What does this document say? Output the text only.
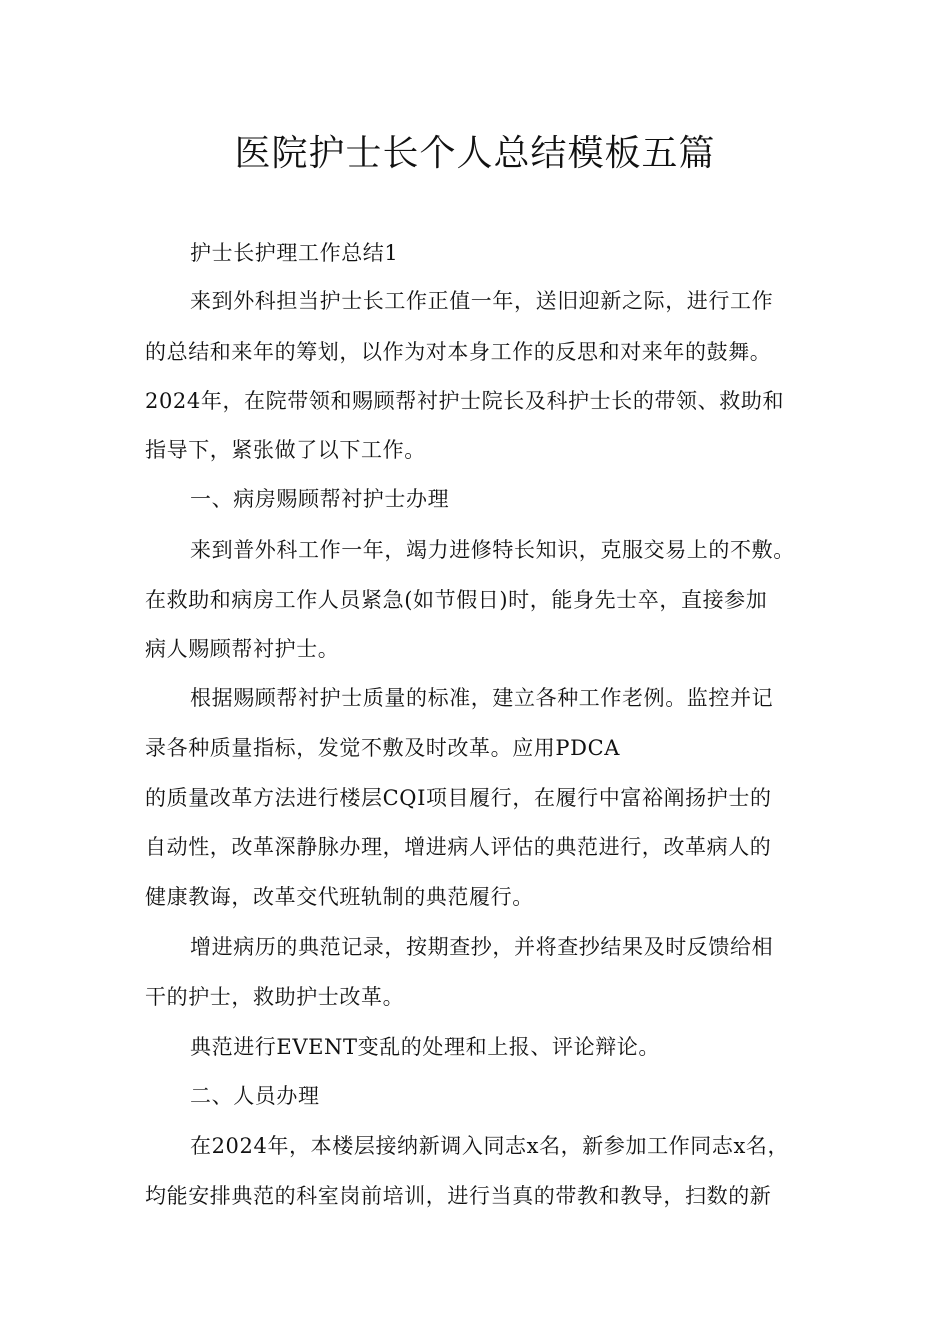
医院护士长个人总结模板五篇
护士长护理工作总结1
来到外科担当护士长工作正值一年，送旧迎新之际，进行工作
的总结和来年的筹划，以作为对本身工作的反思和对来年的鼓舞。
2024年，在院带领和赐顾帮衬护士院长及科护士长的带领、救助和
指导下，紧张做了以下工作。
一、病房赐顾帮衬护士办理
来到普外科工作一年，竭力进修特长知识，克服交易上的不敷。
在救助和病房工作人员紧急(如节假日)时，能身先士卒，直接参加
病人赐顾帮衬护士。
根据赐顾帮衬护士质量的标准，建立各种工作老例。监控并记
录各种质量指标，发觉不敷及时改革。应用PDCA
的质量改革方法进行楼层CQI项目履行，在履行中富裕阐扬护士的
自动性，改革深静脉办理，增进病人评估的典范进行，改革病人的
健康教诲，改革交代班轨制的典范履行。
增进病历的典范记录，按期查抄，并将查抄结果及时反馈给相
干的护士，救助护士改革。
典范进行EVENT变乱的处理和上报、评论辩论。
二、人员办理
在2024年，本楼层接纳新调入同志x名，新参加工作同志x名，
均能安排典范的科室岗前培训，进行当真的带教和教导，扫数的新
